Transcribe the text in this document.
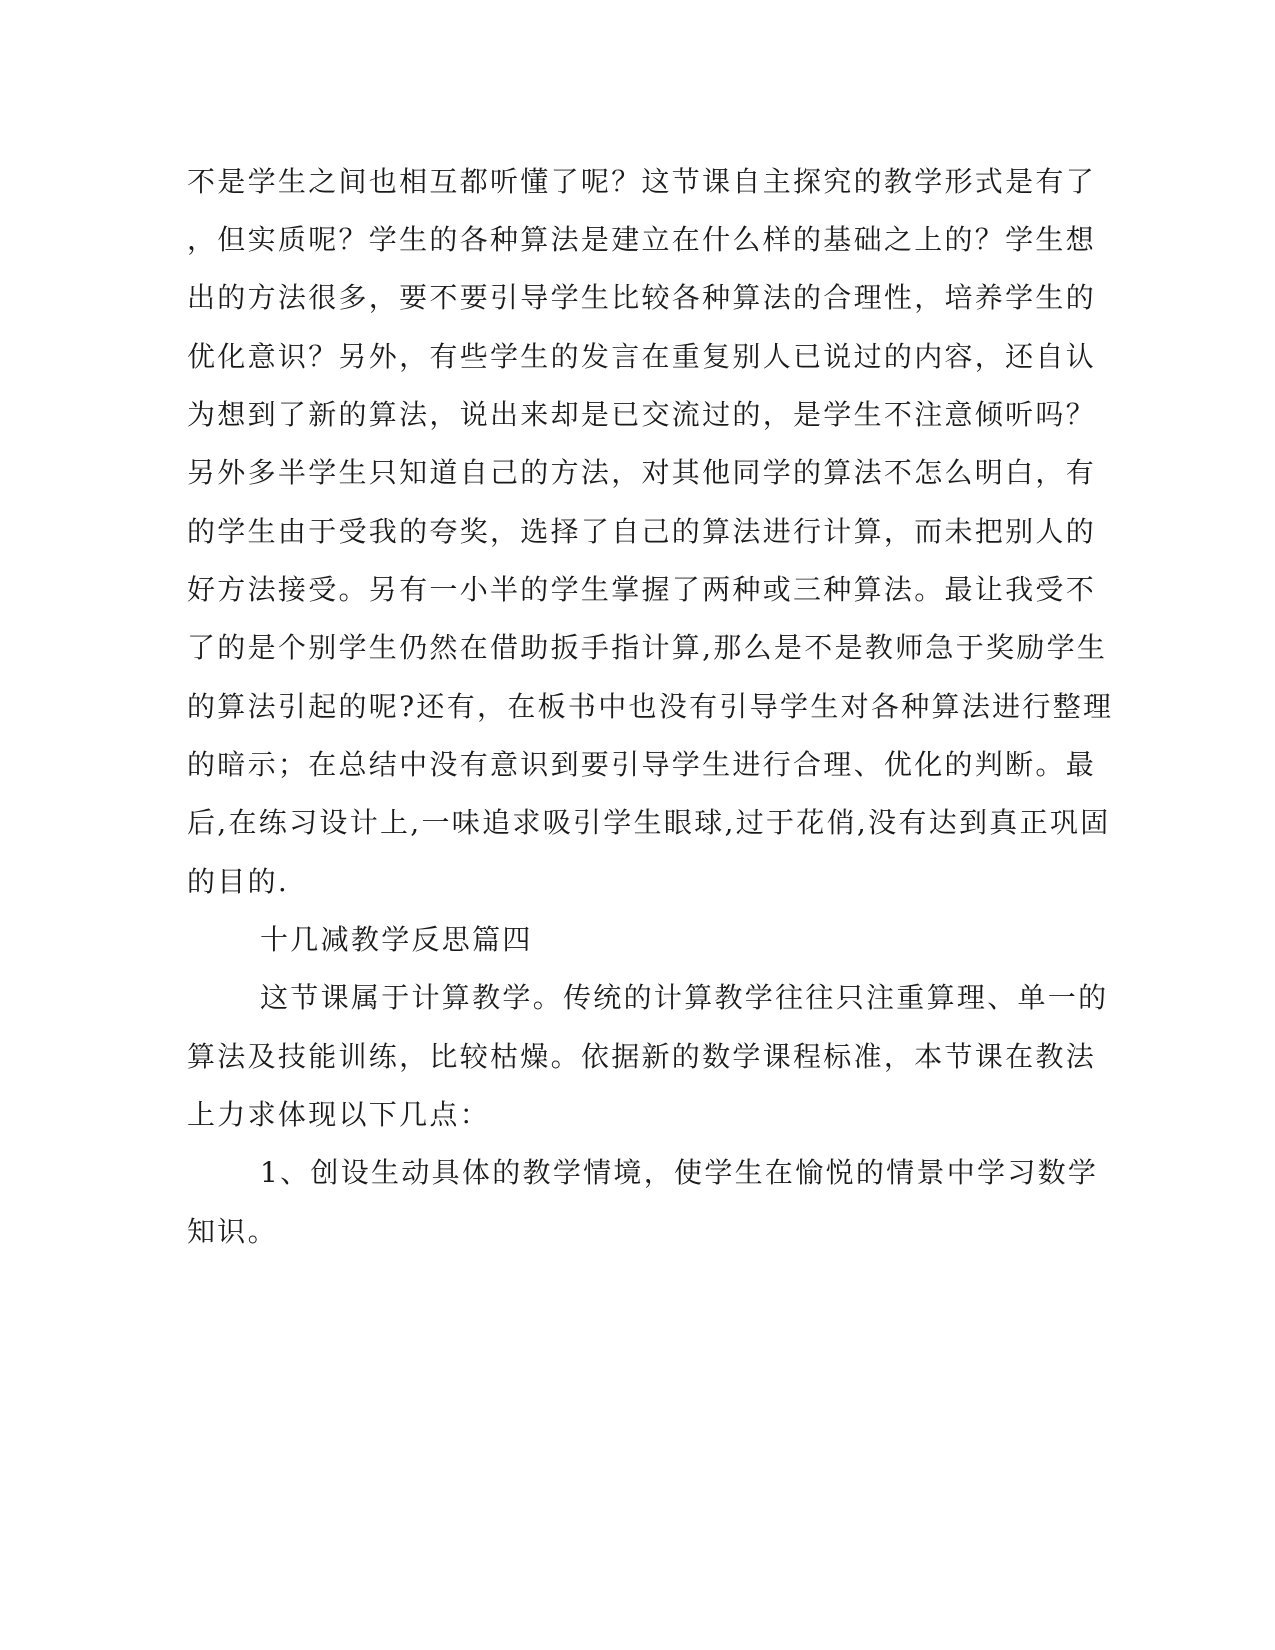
不是学生之间也相互都听懂了呢？这节课自主探究的教学形式是有了
，但实质呢？学生的各种算法是建立在什么样的基础之上的？学生想
出的方法很多，要不要引导学生比较各种算法的合理性，培养学生的
优化意识？另外，有些学生的发言在重复别人已说过的内容，还自认
为想到了新的算法，说出来却是已交流过的，是学生不注意倾听吗？
另外多半学生只知道自己的方法，对其他同学的算法不怎么明白，有
的学生由于受我的夸奖，选择了自己的算法进行计算，而未把别人的
好方法接受。另有一小半的学生掌握了两种或三种算法。最让我受不
了的是个别学生仍然在借助扳手指计算,那么是不是教师急于奖励学生
的算法引起的呢?还有，在板书中也没有引导学生对各种算法进行整理
的暗示；在总结中没有意识到要引导学生进行合理、优化的判断。最
后,在练习设计上,一味追求吸引学生眼球,过于花俏,没有达到真正巩固
的目的.
十几减教学反思篇四
这节课属于计算教学。传统的计算教学往往只注重算理、单一的
算法及技能训练，比较枯燥。依据新的数学课程标准，本节课在教法
上力求体现以下几点：
1、创设生动具体的教学情境，使学生在愉悦的情景中学习数学
知识。
